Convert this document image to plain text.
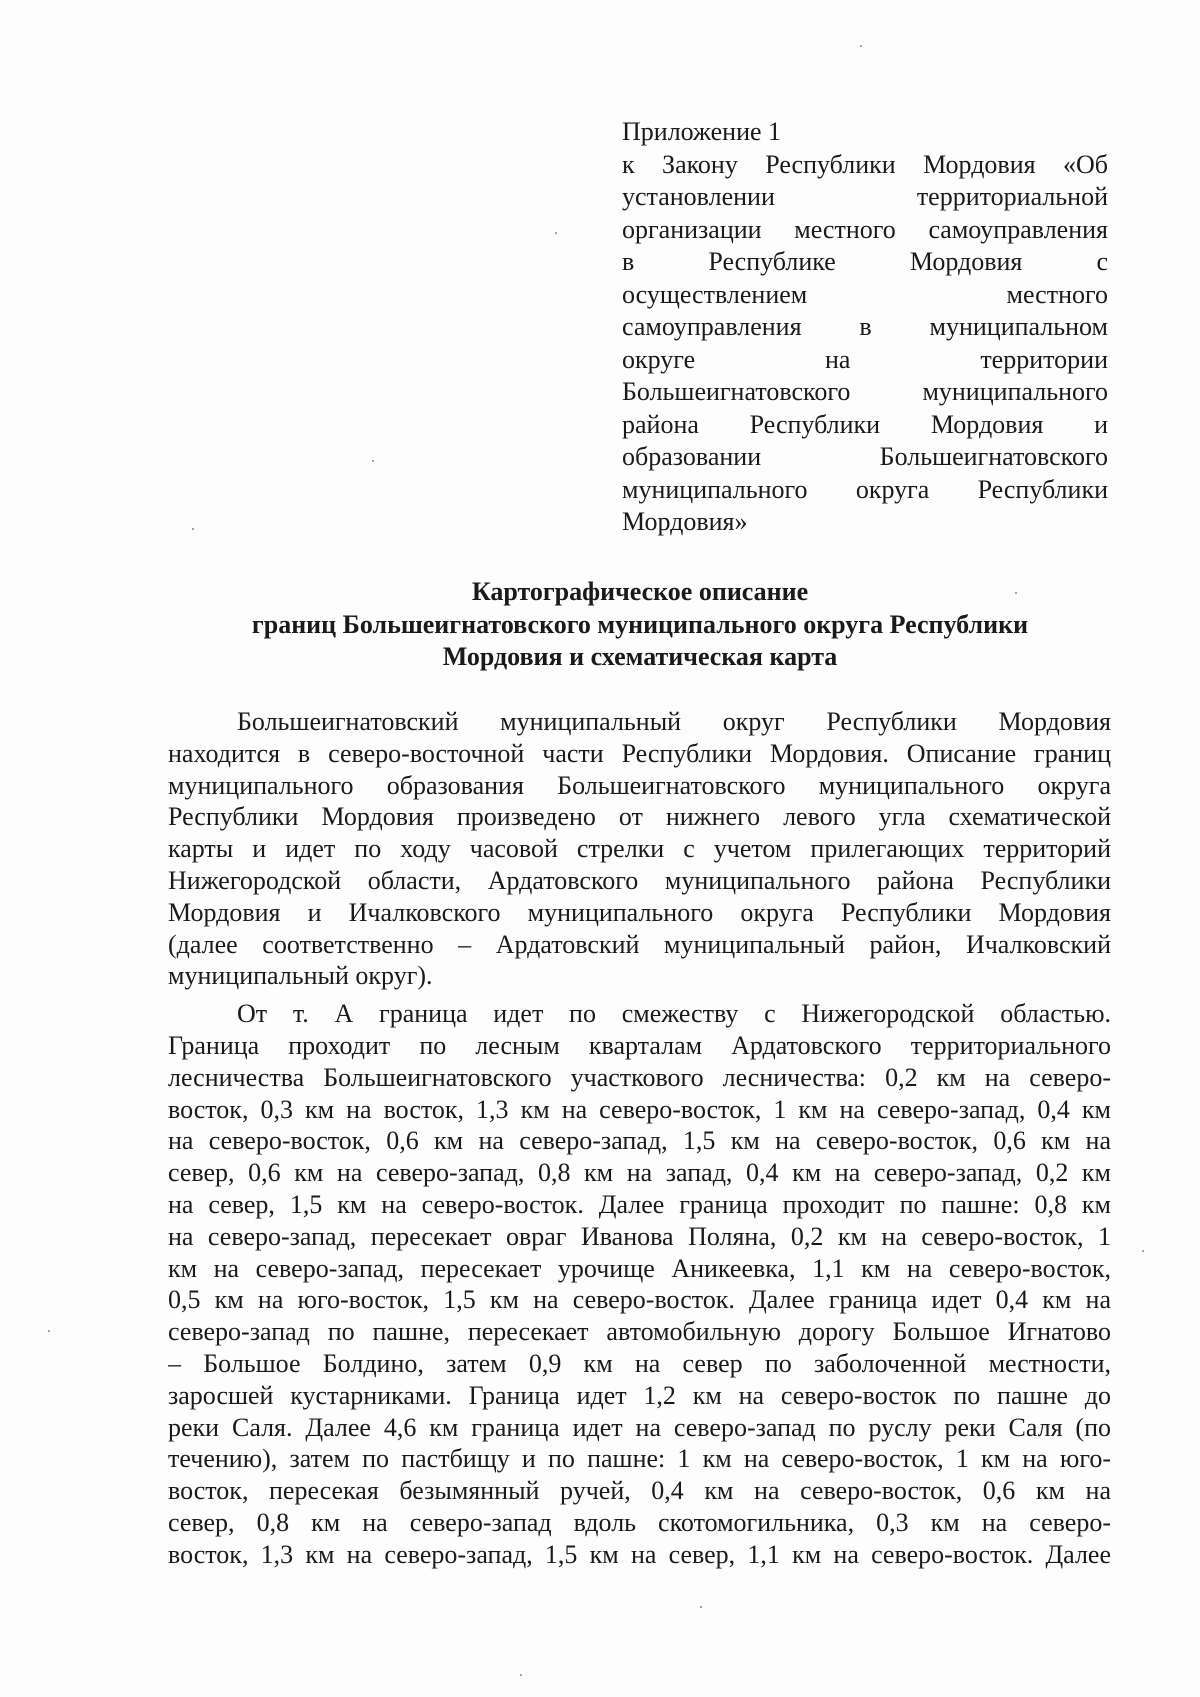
Приложение 1
к Закону Республики Мордовия «Об
установлении территориальной
организации местного самоуправления
в Республике Мордовия с
осуществлением местного
самоуправления в муниципальном
округе на территории
Большеигнатовского муниципального
района Республики Мордовия и
образовании Большеигнатовского
муниципального округа Республики
Мордовия»
Картографическое описание
границ Большеигнатовского муниципального округа Республики
Мордовия и схематическая карта
Большеигнатовский муниципальный округ Республики Мордовия
находится в северо-восточной части Республики Мордовия. Описание границ
муниципального образования Большеигнатовского муниципального округа
Республики Мордовия произведено от нижнего левого угла схематической
карты и идет по ходу часовой стрелки с учетом прилегающих территорий
Нижегородской области, Ардатовского муниципального района Республики
Мордовия и Ичалковского муниципального округа Республики Мордовия
(далее соответственно – Ардатовский муниципальный район, Ичалковский
муниципальный округ).
От т. А граница идет по смежеству с Нижегородской областью.
Граница проходит по лесным кварталам Ардатовского территориального
лесничества Большеигнатовского участкового лесничества: 0,2 км на северо-
восток, 0,3 км на восток, 1,3 км на северо-восток, 1 км на северо-запад, 0,4 км
на северо-восток, 0,6 км на северо-запад, 1,5 км на северо-восток, 0,6 км на
север, 0,6 км на северо-запад, 0,8 км на запад, 0,4 км на северо-запад, 0,2 км
на север, 1,5 км на северо-восток. Далее граница проходит по пашне: 0,8 км
на северо-запад, пересекает овраг Иванова Поляна, 0,2 км на северо-восток, 1
км на северо-запад, пересекает урочище Аникеевка, 1,1 км на северо-восток,
0,5 км на юго-восток, 1,5 км на северо-восток. Далее граница идет 0,4 км на
северо-запад по пашне, пересекает автомобильную дорогу Большое Игнатово
– Большое Болдино, затем 0,9 км на север по заболоченной местности,
заросшей кустарниками. Граница идет 1,2 км на северо-восток по пашне до
реки Саля. Далее 4,6 км граница идет на северо-запад по руслу реки Саля (по
течению), затем по пастбищу и по пашне: 1 км на северо-восток, 1 км на юго-
восток, пересекая безымянный ручей, 0,4 км на северо-восток, 0,6 км на
север, 0,8 км на северо-запад вдоль скотомогильника, 0,3 км на северо-
восток, 1,3 км на северо-запад, 1,5 км на север, 1,1 км на северо-восток. Далее
